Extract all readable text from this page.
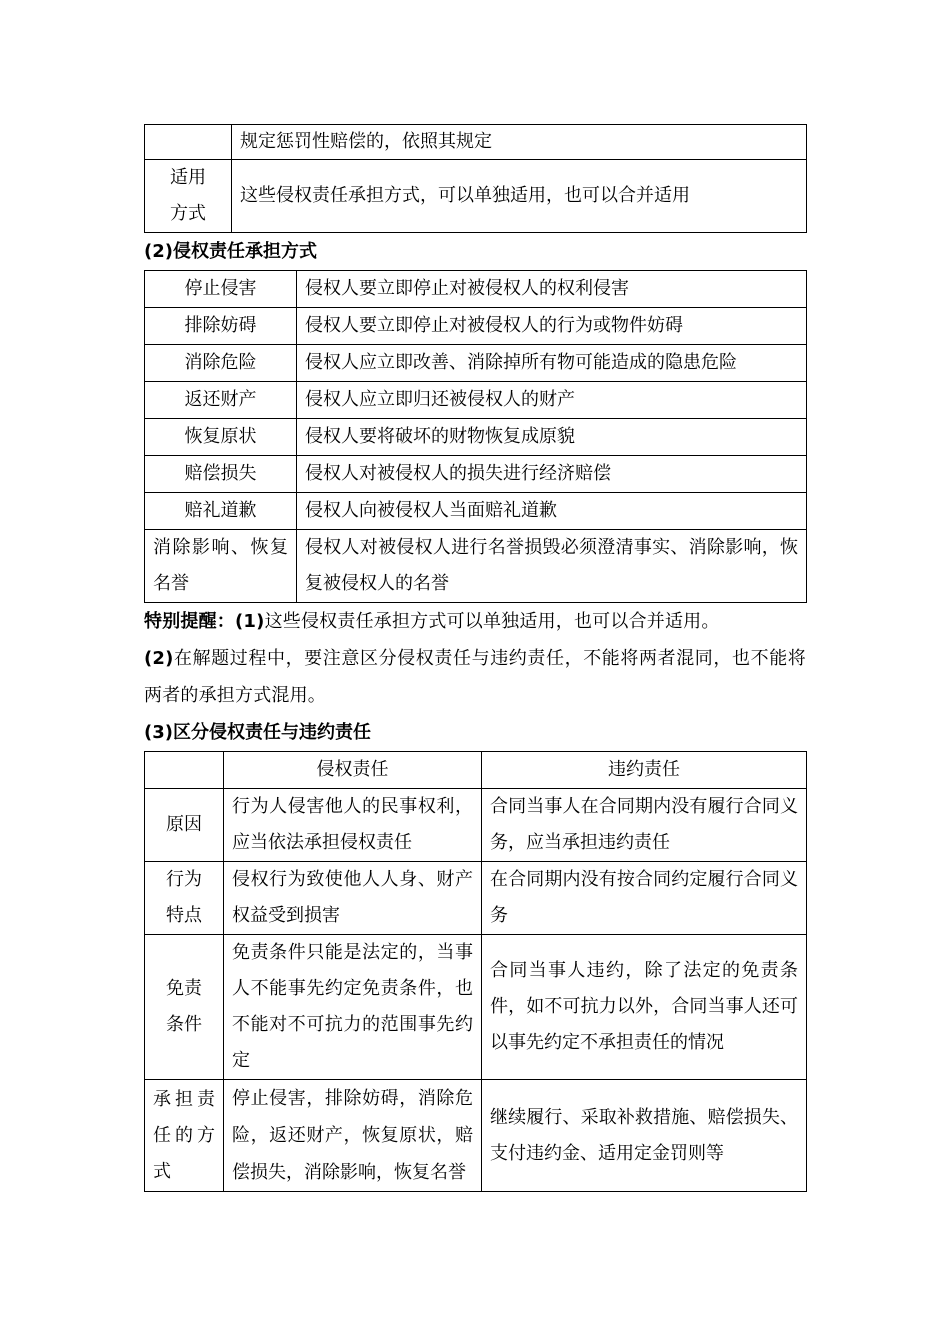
	规定惩罚性赔偿的，依照其规定
适用方式	这些侵权责任承担方式，可以单独适用，也可以合并适用

(2)侵权责任承担方式

停止侵害	侵权人要立即停止对被侵权人的权利侵害
排除妨碍	侵权人要立即停止对被侵权人的行为或物件妨碍
消除危险	侵权人应立即改善、消除掉所有物可能造成的隐患危险
返还财产	侵权人应立即归还被侵权人的财产
恢复原状	侵权人要将破坏的财物恢复成原貌
赔偿损失	侵权人对被侵权人的损失进行经济赔偿
赔礼道歉	侵权人向被侵权人当面赔礼道歉
消除影响、恢复名誉	侵权人对被侵权人进行名誉损毁必须澄清事实、消除影响，恢复被侵权人的名誉

特别提醒：(1)这些侵权责任承担方式可以单独适用，也可以合并适用。

(2)在解题过程中，要注意区分侵权责任与违约责任，不能将两者混同，也不能将两者的承担方式混用。

(3)区分侵权责任与违约责任

	侵权责任	违约责任
原因	行为人侵害他人的民事权利，应当依法承担侵权责任	合同当事人在合同期内没有履行合同义务，应当承担违约责任
行为特点	侵权行为致使他人人身、财产权益受到损害	在合同期内没有按合同约定履行合同义务
免责条件	免责条件只能是法定的，当事人不能事先约定免责条件，也不能对不可抗力的范围事先约定	合同当事人违约，除了法定的免责条件，如不可抗力以外，合同当事人还可以事先约定不承担责任的情况
承担责任的方式	停止侵害，排除妨碍，消除危险，返还财产，恢复原状，赔偿损失，消除影响，恢复名誉	继续履行、采取补救措施、赔偿损失、支付违约金、适用定金罚则等
